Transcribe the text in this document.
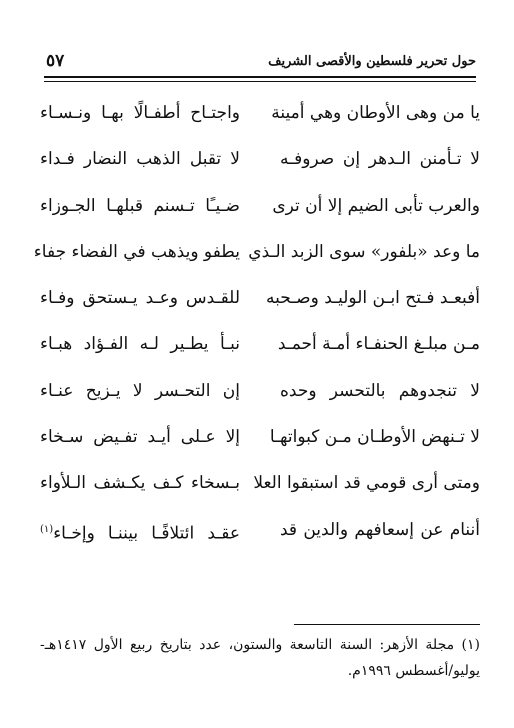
حول تحرير فلسطين والأقصى الشريف
٥٧
يا من وهى الأوطان وهي أمينة
واجتـاح أطفـالًا بهـا ونـسـاء
لا تـأمنن الـدهر إن صروفـه
لا تقبل الذهب النضار فـداء
والعرب تأبى الضيم إلا أن ترى
ضـيـًا تـسنم قبلهـا الجـوزاء
ما وعد «بلفور» سوى الزبد الـذي
يطفو ويذهب في الفضاء جفاء
أفبعـد فـتح ابـن الوليـد وصـحبه
للقـدس وعـد يـستحق وفـاء
مـن مبلـغ الحنفـاء أمـة أحمـد
نبـأ يطـير لـه الفـؤاد هبـاء
لا تنجدوهم بالتحسر وحده
إن التحـسر لا يـزيح عنـاء
لا تـنهض الأوطـان مـن كبواتهـا
إلا عـلى أيـد تفـيض سـخاء
ومتى أرى قومي قد استبقوا العلا
بـسخاء كـف يكـشف الـلأواء
أننام عن إسعافهم والدين قد
عقـد ائتلافًـا بيننـا وإخـاء$^{(١)}$
(١) مجلة الأزهر: السنة التاسعة والستون، عدد بتاريخ ربيع الأول ١٤١٧هـ-يوليو/أغسطس ١٩٩٦م.
